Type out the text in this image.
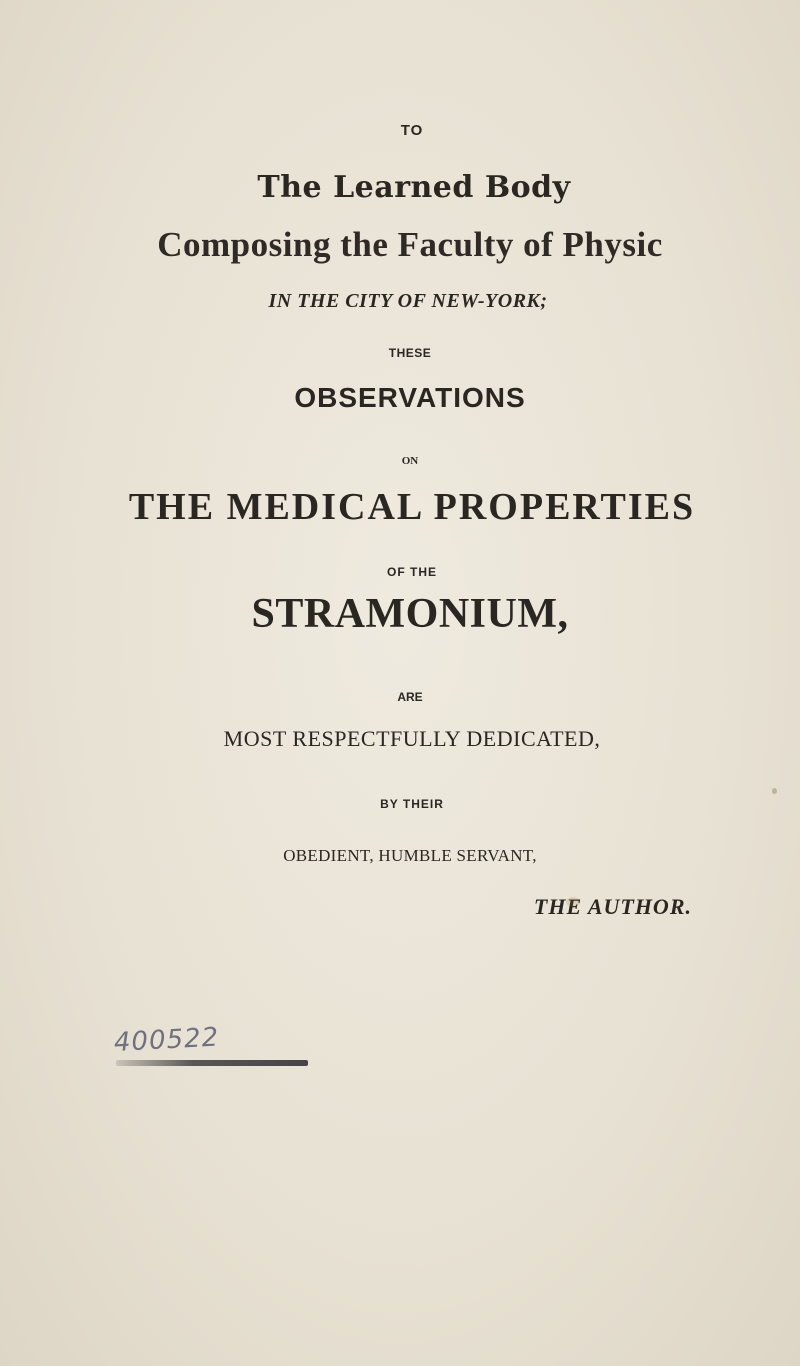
TO

The Learned Body

Composing the Faculty of Physic

IN THE CITY OF NEW-YORK;

THESE

OBSERVATIONS

ON

THE MEDICAL PROPERTIES

OF THE

STRAMONIUM,

ARE

MOST RESPECTFULLY DEDICATED,

BY THEIR

OBEDIENT, HUMBLE SERVANT,

THE AUTHOR.

400522
